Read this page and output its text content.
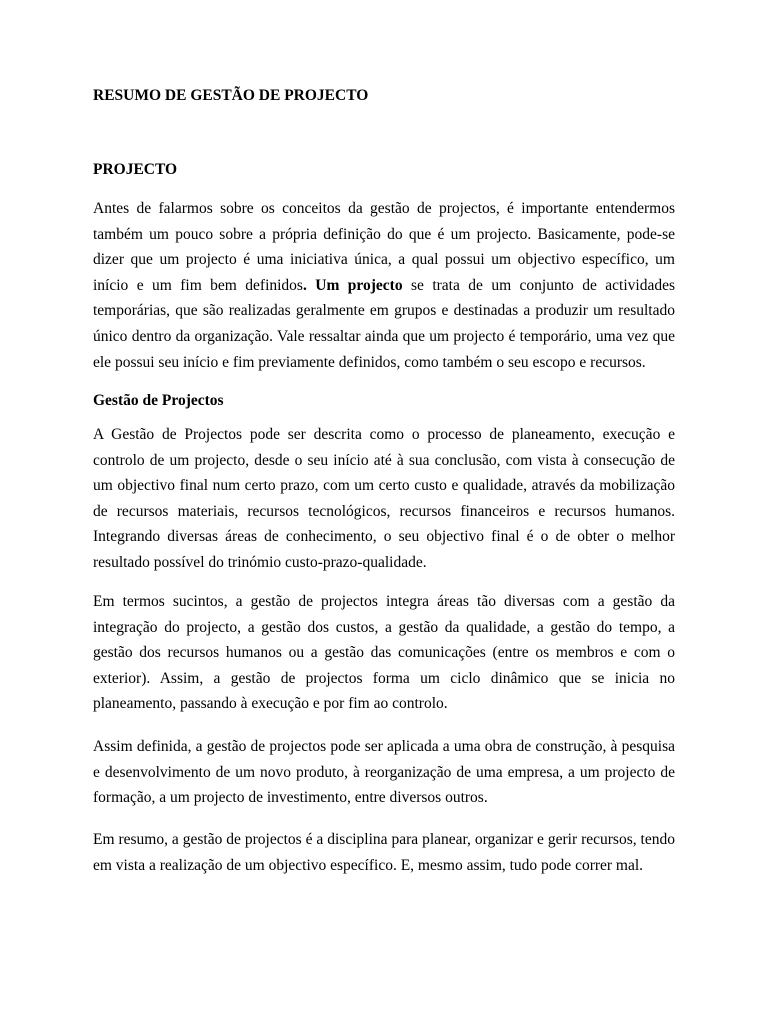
RESUMO DE GESTÃO DE PROJECTO
PROJECTO

Antes de falarmos sobre os conceitos da gestão de projectos, é importante entendermos também um pouco sobre a própria definição do que é um projecto. Basicamente, pode-se dizer que um projecto é uma iniciativa única, a qual possui um objectivo específico, um início e um fim bem definidos. Um projecto se trata de um conjunto de actividades temporárias, que são realizadas geralmente em grupos e destinadas a produzir um resultado único dentro da organização. Vale ressaltar ainda que um projecto é temporário, uma vez que ele possui seu início e fim previamente definidos, como também o seu escopo e recursos.

Gestão de Projectos

A Gestão de Projectos pode ser descrita como o processo de planeamento, execução e controlo de um projecto, desde o seu início até à sua conclusão, com vista à consecução de um objectivo final num certo prazo, com um certo custo e qualidade, através da mobilização de recursos materiais, recursos tecnológicos, recursos financeiros e recursos humanos. Integrando diversas áreas de conhecimento, o seu objectivo final é o de obter o melhor resultado possível do trinómio custo-prazo-qualidade.

Em termos sucintos, a gestão de projectos integra áreas tão diversas com a gestão da integração do projecto, a gestão dos custos, a gestão da qualidade, a gestão do tempo, a gestão dos recursos humanos ou a gestão das comunicações (entre os membros e com o exterior). Assim, a gestão de projectos forma um ciclo dinâmico que se inicia no planeamento, passando à execução e por fim ao controlo.

Assim definida, a gestão de projectos pode ser aplicada a uma obra de construção, à pesquisa e desenvolvimento de um novo produto, à reorganização de uma empresa, a um projecto de formação, a um projecto de investimento, entre diversos outros.

Em resumo, a gestão de projectos é a disciplina para planear, organizar e gerir recursos, tendo em vista a realização de um objectivo específico. E, mesmo assim, tudo pode correr mal.
